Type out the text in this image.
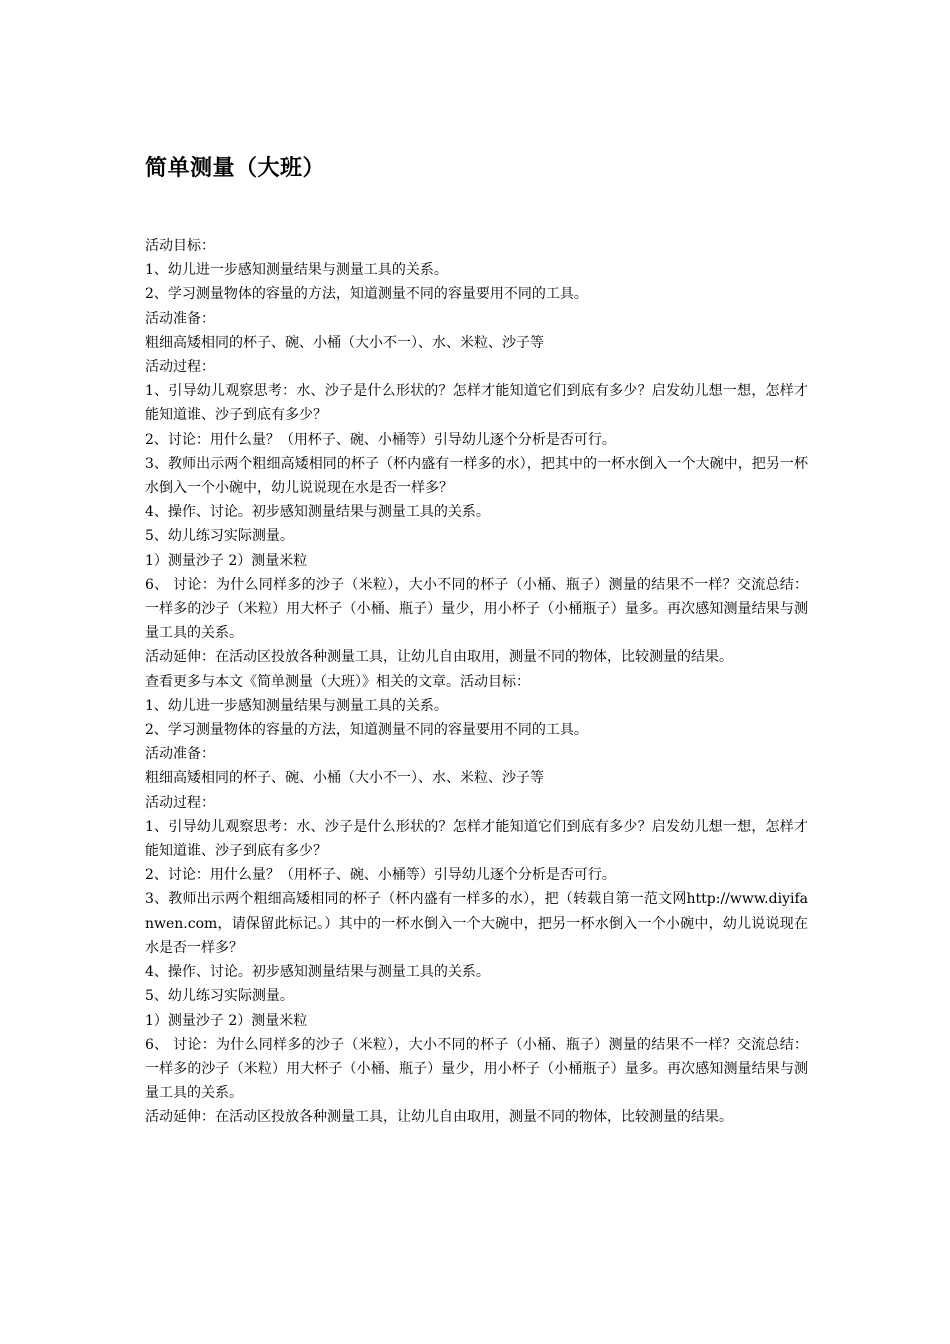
简单测量（大班）
活动目标：
1、幼儿进一步感知测量结果与测量工具的关系。
2、学习测量物体的容量的方法，知道测量不同的容量要用不同的工具。
活动准备：
粗细高矮相同的杯子、碗、小桶（大小不一）、水、米粒、沙子等
活动过程：
1、引导幼儿观察思考：水、沙子是什么形状的？怎样才能知道它们到底有多少？启发幼儿想一想，怎样才能知道谁、沙子到底有多少？
2、讨论：用什么量？（用杯子、碗、小桶等）引导幼儿逐个分析是否可行。
3、教师出示两个粗细高矮相同的杯子（杯内盛有一样多的水），把其中的一杯水倒入一个大碗中，把另一杯水倒入一个小碗中，幼儿说说现在水是否一样多？
4、操作、讨论。初步感知测量结果与测量工具的关系。
5、幼儿练习实际测量。
1）测量沙子 2）测量米粒
6、 讨论：为什么同样多的沙子（米粒），大小不同的杯子（小桶、瓶子）测量的结果不一样？交流总结：一样多的沙子（米粒）用大杯子（小桶、瓶子）量少，用小杯子（小桶瓶子）量多。再次感知测量结果与测量工具的关系。
活动延伸：在活动区投放各种测量工具，让幼儿自由取用，测量不同的物体，比较测量的结果。
查看更多与本文《简单测量（大班）》相关的文章。活动目标：
1、幼儿进一步感知测量结果与测量工具的关系。
2、学习测量物体的容量的方法，知道测量不同的容量要用不同的工具。
活动准备：
粗细高矮相同的杯子、碗、小桶（大小不一）、水、米粒、沙子等
活动过程：
1、引导幼儿观察思考：水、沙子是什么形状的？怎样才能知道它们到底有多少？启发幼儿想一想，怎样才能知道谁、沙子到底有多少？
2、讨论：用什么量？（用杯子、碗、小桶等）引导幼儿逐个分析是否可行。
3、教师出示两个粗细高矮相同的杯子（杯内盛有一样多的水），把（转载自第一范文网http://www.diyifanwen.com，请保留此标记。）其中的一杯水倒入一个大碗中，把另一杯水倒入一个小碗中，幼儿说说现在水是否一样多？
4、操作、讨论。初步感知测量结果与测量工具的关系。
5、幼儿练习实际测量。
1）测量沙子 2）测量米粒
6、 讨论：为什么同样多的沙子（米粒），大小不同的杯子（小桶、瓶子）测量的结果不一样？交流总结：一样多的沙子（米粒）用大杯子（小桶、瓶子）量少，用小杯子（小桶瓶子）量多。再次感知测量结果与测量工具的关系。
活动延伸：在活动区投放各种测量工具，让幼儿自由取用，测量不同的物体，比较测量的结果。
